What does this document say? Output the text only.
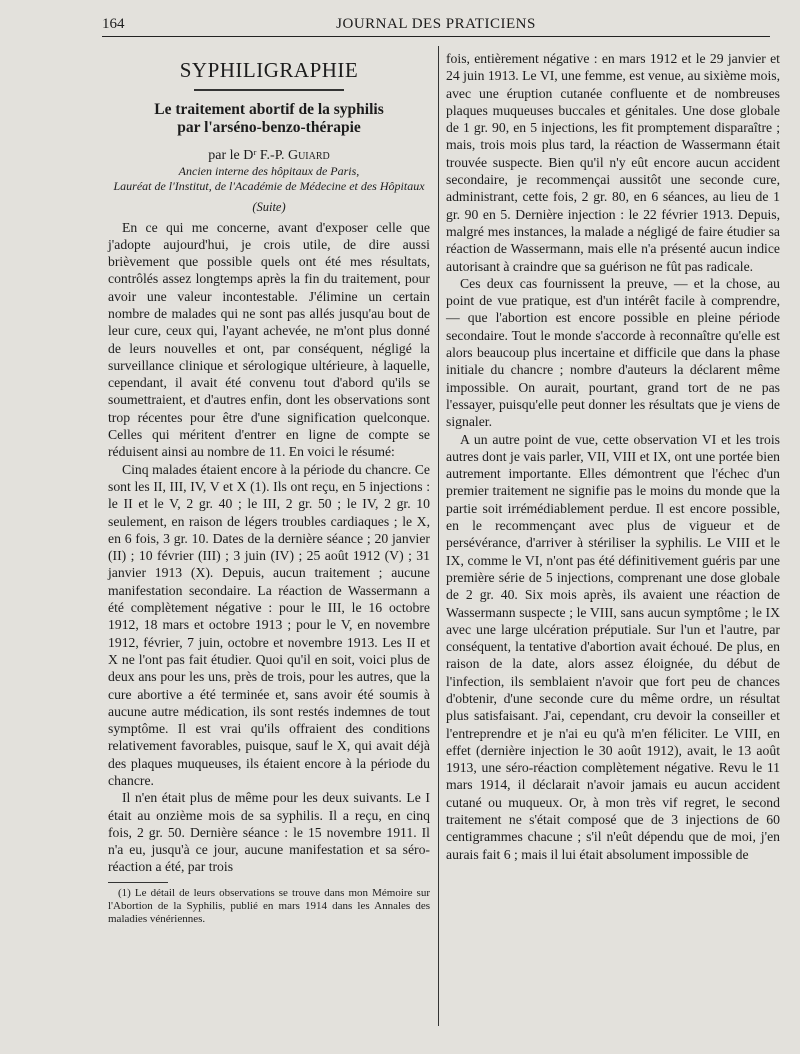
164	JOURNAL DES PRATICIENS
SYPHILIGRAPHIE

Le traitement abortif de la syphilis

par l'arséno-benzo-thérapie

par le Dʳ F.-P. Guiard
Ancien interne des hôpitaux de Paris,
Lauréat de l'Institut, de l'Académie de Médecine et des Hôpitaux
(Suite)

En ce qui me concerne, avant d'exposer celle que j'adopte aujourd'hui, je crois utile, de dire aussi brièvement que possible quels ont été mes résultats, contrôlés assez longtemps après la fin du traitement, pour avoir une valeur incontestable. J'élimine un certain nombre de malades qui ne sont pas allés jusqu'au bout de leur cure, ceux qui, l'ayant achevée, ne m'ont plus donné de leurs nouvelles et ont, par conséquent, négligé la surveillance clinique et sérologique ultérieure, à laquelle, cependant, il avait été convenu tout d'abord qu'ils se soumettraient, et d'autres enfin, dont les observations sont trop récentes pour être d'une signification quelconque. Celles qui méritent d'entrer en ligne de compte se réduisent ainsi au nombre de 11. En voici le résumé:

Cinq malades étaient encore à la période du chancre. Ce sont les II, III, IV, V et X (1). Ils ont reçu, en 5 injections : le II et le V, 2 gr. 40 ; le III, 2 gr. 50 ; le IV, 2 gr. 10 seulement, en raison de légers troubles cardiaques ; le X, en 6 fois, 3 gr. 10. Dates de la dernière séance ; 20 janvier (II) ; 10 février (III) ; 3 juin (IV) ; 25 août 1912 (V) ; 31 janvier 1913 (X). Depuis, aucun traitement ; aucune manifestation secondaire. La réaction de Wassermann a été complètement négative : pour le III, le 16 octobre 1912, 18 mars et octobre 1913 ; pour le V, en novembre 1912, février, 7 juin, octobre et novembre 1913. Les II et X ne l'ont pas fait étudier. Quoi qu'il en soit, voici plus de deux ans pour les uns, près de trois, pour les autres, que la cure abortive a été terminée et, sans avoir été soumis à aucune autre médication, ils sont restés indemnes de tout symptôme. Il est vrai qu'ils offraient des conditions relativement favorables, puisque, sauf le X, qui avait déjà des plaques muqueuses, ils étaient encore à la période du chancre.

Il n'en était plus de même pour les deux suivants. Le I était au onzième mois de sa syphilis. Il a reçu, en cinq fois, 2 gr. 50. Dernière séance : le 15 novembre 1911. Il n'a eu, jusqu'à ce jour, aucune manifestation et sa séro-réaction a été, par trois

(1) Le détail de leurs observations se trouve dans mon Mémoire sur l'Abortion de la Syphilis, publié en mars 1914 dans les Annales des maladies vénériennes.

fois, entièrement négative : en mars 1912 et le 29 janvier et 24 juin 1913. Le VI, une femme, est venue, au sixième mois, avec une éruption cutanée confluente et de nombreuses plaques muqueuses buccales et génitales. Une dose globale de 1 gr. 90, en 5 injections, les fit promptement disparaître ; mais, trois mois plus tard, la réaction de Wassermann était trouvée suspecte. Bien qu'il n'y eût encore aucun accident secondaire, je recommençai aussitôt une seconde cure, administrant, cette fois, 2 gr. 80, en 6 séances, au lieu de 1 gr. 90 en 5. Dernière injection : le 22 février 1913. Depuis, malgré mes instances, la malade a négligé de faire étudier sa réaction de Wassermann, mais elle n'a présenté aucun indice autorisant à craindre que sa guérison ne fût pas radicale.

Ces deux cas fournissent la preuve, — et la chose, au point de vue pratique, est d'un intérêt facile à comprendre, — que l'abortion est encore possible en pleine période secondaire. Tout le monde s'accorde à reconnaître qu'elle est alors beaucoup plus incertaine et difficile que dans la phase initiale du chancre ; nombre d'auteurs la déclarent même impossible. On aurait, pourtant, grand tort de ne pas l'essayer, puisqu'elle peut donner les résultats que je viens de signaler.

A un autre point de vue, cette observation VI et les trois autres dont je vais parler, VII, VIII et IX, ont une portée bien autrement importante. Elles démontrent que l'échec d'un premier traitement ne signifie pas le moins du monde que la partie soit irrémédiablement perdue. Il est encore possible, en le recommençant avec plus de vigueur et de persévérance, d'arriver à stériliser la syphilis. Le VIII et le IX, comme le VI, n'ont pas été définitivement guéris par une première série de 5 injections, comprenant une dose globale de 2 gr. 40. Six mois après, ils avaient une réaction de Wassermann suspecte ; le VIII, sans aucun symptôme ; le IX avec une large ulcération préputiale. Sur l'un et l'autre, par conséquent, la tentative d'abortion avait échoué. De plus, en raison de la date, alors assez éloignée, du début de l'infection, ils semblaient n'avoir que fort peu de chances d'obtenir, d'une seconde cure du même ordre, un résultat plus satisfaisant. J'ai, cependant, cru devoir la conseiller et l'entreprendre et je n'ai eu qu'à m'en féliciter. Le VIII, en effet (dernière injection le 30 août 1912), avait, le 13 août 1913, une séro-réaction complètement négative. Revu le 11 mars 1914, il déclarait n'avoir jamais eu aucun accident cutané ou muqueux. Or, à mon très vif regret, le second traitement ne s'était composé que de 3 injections de 60 centigrammes chacune ; s'il n'eût dépendu que de moi, j'en aurais fait 6 ; mais il lui était absolument impossible de
